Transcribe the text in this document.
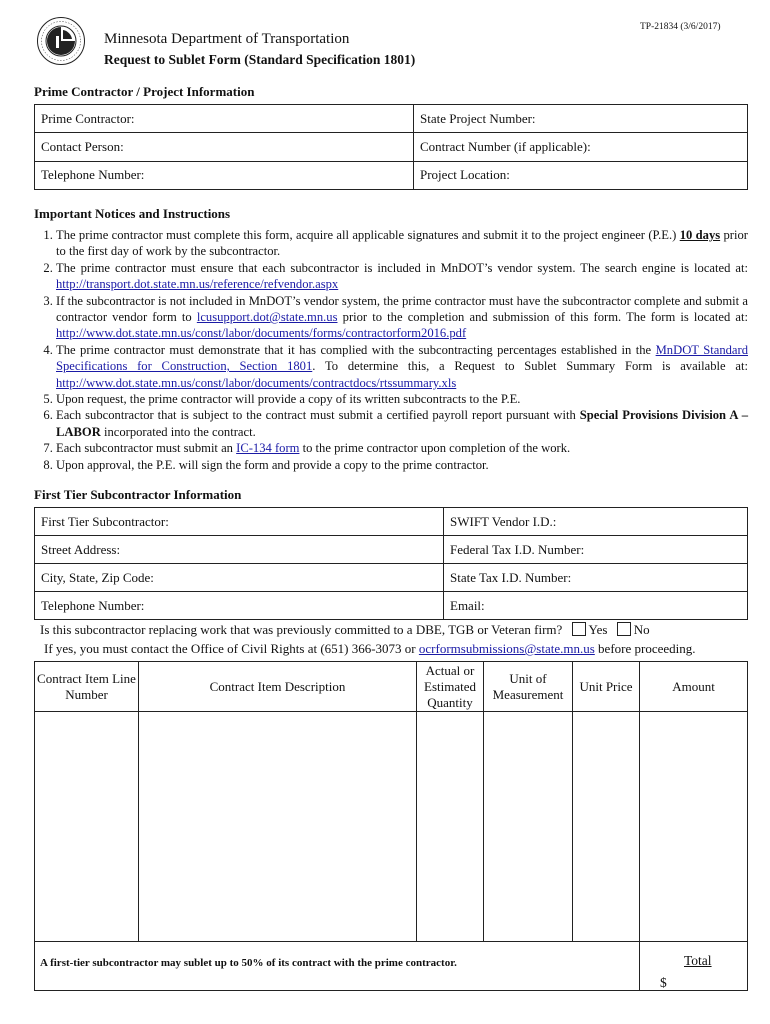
TP-21834 (3/6/2017)
Minnesota Department of Transportation
Request to Sublet Form (Standard Specification 1801)
Prime Contractor / Project Information
Prime Contractor:	State Project Number:
Contact Person:	Contract Number (if applicable):
Telephone Number:	Project Location:
Important Notices and Instructions
1. The prime contractor must complete this form, acquire all applicable signatures and submit it to the project engineer (P.E.) 10 days prior to the first day of work by the subcontractor.
2. The prime contractor must ensure that each subcontractor is included in MnDOT’s vendor system. The search engine is located at: http://transport.dot.state.mn.us/reference/refvendor.aspx
3. If the subcontractor is not included in MnDOT’s vendor system, the prime contractor must have the subcontractor complete and submit a contractor vendor form to lcusupport.dot@state.mn.us prior to the completion and submission of this form. The form is located at: http://www.dot.state.mn.us/const/labor/documents/forms/contractorform2016.pdf
4. The prime contractor must demonstrate that it has complied with the subcontracting percentages established in the MnDOT Standard Specifications for Construction, Section 1801. To determine this, a Request to Sublet Summary Form is available at: http://www.dot.state.mn.us/const/labor/documents/contractdocs/rtssummary.xls
5. Upon request, the prime contractor will provide a copy of its written subcontracts to the P.E.
6. Each subcontractor that is subject to the contract must submit a certified payroll report pursuant with Special Provisions Division A – LABOR incorporated into the contract.
7. Each subcontractor must submit an IC-134 form to the prime contractor upon completion of the work.
8. Upon approval, the P.E. will sign the form and provide a copy to the prime contractor.
First Tier Subcontractor Information
First Tier Subcontractor:	SWIFT Vendor I.D.:
Street Address:	Federal Tax I.D. Number:
City, State, Zip Code:	State Tax I.D. Number:
Telephone Number:	Email:
Is this subcontractor replacing work that was previously committed to a DBE, TGB or Veteran firm? Yes No
If yes, you must contact the Office of Civil Rights at (651) 366-3073 or ocrformsubmissions@state.mn.us before proceeding.
Contract Item Line Number	Contract Item Description	Actual or Estimated Quantity	Unit of Measurement	Unit Price	Amount

A first-tier subcontractor may sublet up to 50% of its contract with the prime contractor.	Total
$
